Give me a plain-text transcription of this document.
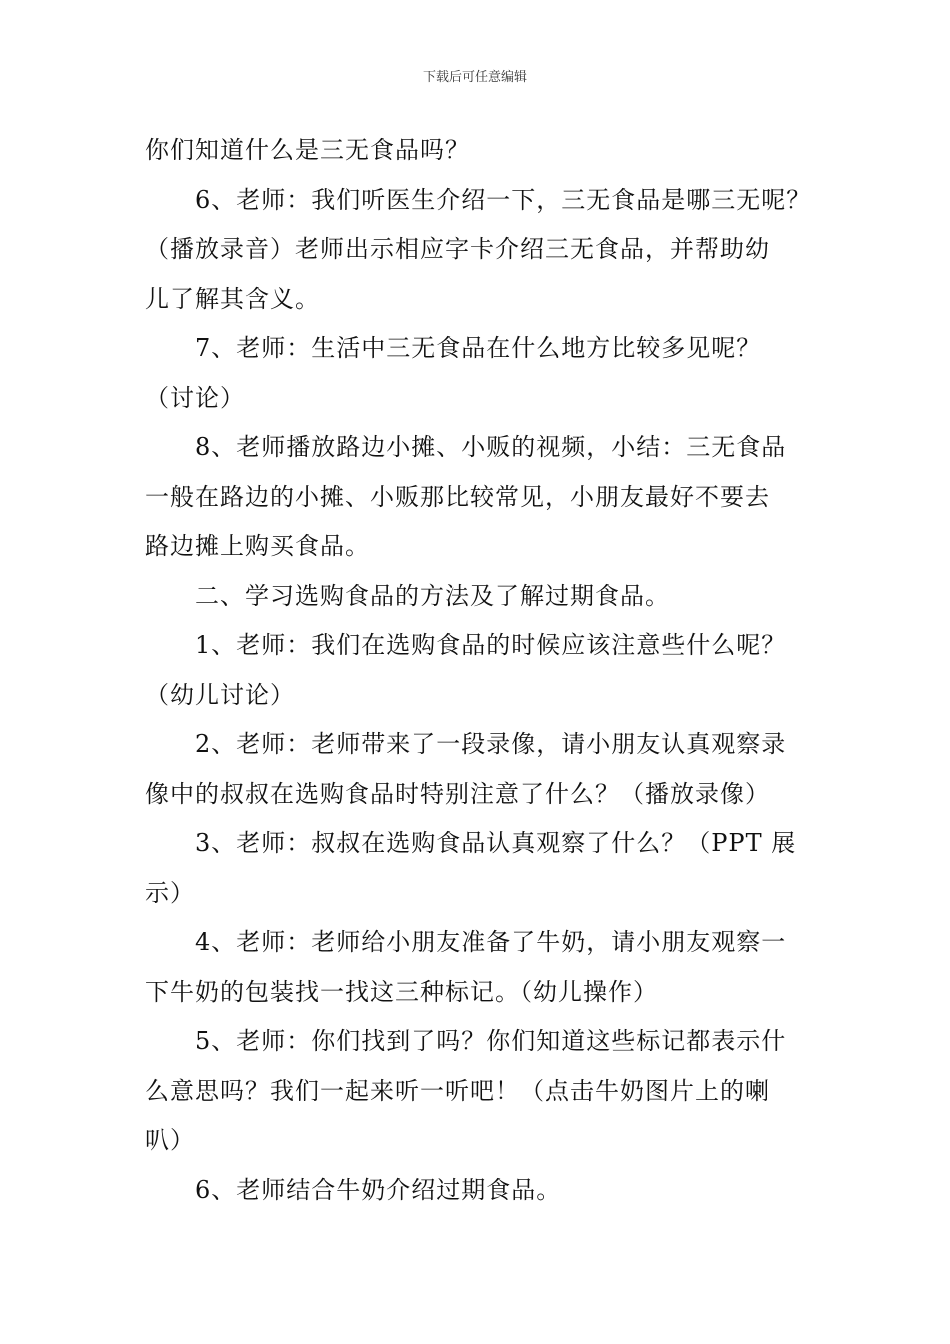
下载后可任意编辑
你们知道什么是三无食品吗？
6、老师：我们听医生介绍一下，三无食品是哪三无呢？
（播放录音）老师出示相应字卡介绍三无食品，并帮助幼
儿了解其含义。
7、老师：生活中三无食品在什么地方比较多见呢？
（讨论）
8、老师播放路边小摊、小贩的视频，小结：三无食品
一般在路边的小摊、小贩那比较常见，小朋友最好不要去
路边摊上购买食品。
二、学习选购食品的方法及了解过期食品。
1、老师：我们在选购食品的时候应该注意些什么呢？
（幼儿讨论）
2、老师：老师带来了一段录像，请小朋友认真观察录
像中的叔叔在选购食品时特别注意了什么？（播放录像）
3、老师：叔叔在选购食品认真观察了什么？（PPT 展
示）
4、老师：老师给小朋友准备了牛奶，请小朋友观察一
下牛奶的包装找一找这三种标记。（幼儿操作）
5、老师：你们找到了吗？你们知道这些标记都表示什
么意思吗？我们一起来听一听吧！（点击牛奶图片上的喇
叭）
6、老师结合牛奶介绍过期食品。
